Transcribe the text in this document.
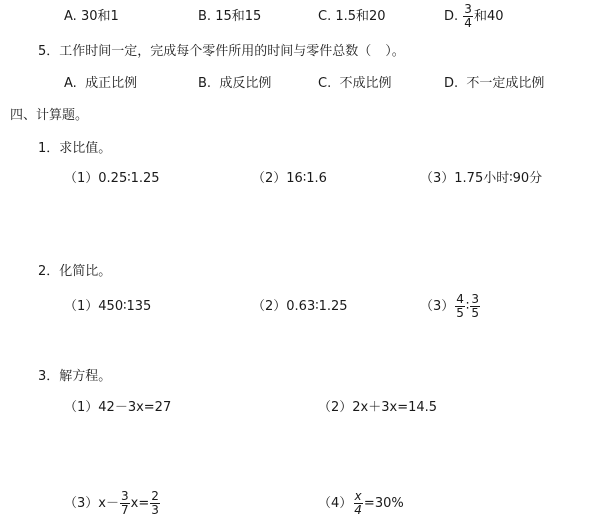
A. 30和1	B. 15和15	C. 1.5和20	D. $\frac{3}{4}$ 和40
5．工作时间一定，完成每个零件所用的时间与零件总数（ ）。
A. 成正比例	B. 成反比例	C. 不成比例	D. 不一定成比例
四、计算题。
1．求比值。
（1）0.25∶1.25	（2）16∶1.6	（3）1.75小时∶90分
2．化简比。
（1）450∶135	（2）0.63∶1.25	$(3) \frac{4}{5}$ ∶ $\frac{3}{5}$
3．解方程。
（1）42－3x=27	（2）2x＋3x=14.5
$(3)x- \frac{3}{7} x= \frac{2}{3}$	$(4) \frac{x}{4} =30\%$
